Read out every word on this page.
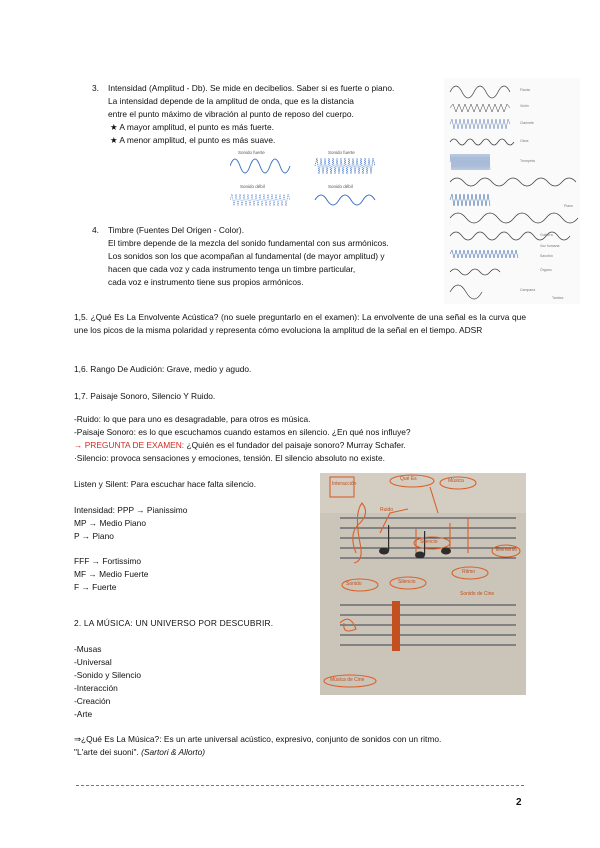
3. Intensidad (Amplitud - Db). Se mide en decibelios. Saber si es fuerte o piano.
La intensidad depende de la amplitud de onda, que es la distancia
entre el punto máximo de vibración al punto de reposo del cuerpo.
★ A mayor amplitud, el punto es más fuerte.
★ A menor amplitud, el punto es más suave.
Sonido fuerte	Sonido fuerte
Sonido débil	Sonido débil
Flauta
Violín
Clarinete
Oboe
Trompeta
Piano
Guitarra
Voz humana
Saxofón
Órgano
Campana
Tambor
4. Timbre (Fuentes Del Origen - Color).
El timbre depende de la mezcla del sonido fundamental con sus armónicos.
Los sonidos son los que acompañan al fundamental (de mayor amplitud) y
hacen que cada voz y cada instrumento tenga un timbre particular,
cada voz e instrumento tiene sus propios armónicos.
1,5. ¿Qué Es La Envolvente Acústica? (no suele preguntarlo en el examen): La envolvente de una señal es la curva que une los picos de la misma polaridad y representa cómo evoluciona la amplitud de la señal en el tiempo. ADSR
1,6. Rango De Audición: Grave, medio y agudo.
1,7. Paisaje Sonoro, Silencio Y Ruido.
-Ruido: lo que para uno es desagradable, para otros es música.
-Paisaje Sonoro: es lo que escuchamos cuando estamos en silencio. ¿En qué nos influye?
→ PREGUNTA DE EXAMEN: ¿Quién es el fundador del paisaje sonoro? Murray Schafer.
·Silencio: provoca sensaciones y emociones, tensión. El silencio absoluto no existe.
Listen y Silent: Para escuchar hace falta silencio.
Intensidad: PPP → Pianissimo
MP → Medio Piano
P → Piano
FFF → Fortissimo
MF → Medio Fuerte
F → Fuerte
2. LA MÚSICA: UN UNIVERSO POR DESCUBRIR.
-Musas
-Universal
-Sonido y Silencio
-Interacción
-Creación
-Arte
⇒¿Qué Es La Música?: Es un arte universal acústico, expresivo, conjunto de sonidos con un ritmo.
"L'arte dei suoni". (Sartori & Allorto)
Qué Es	Música
Sonido
Silencio
Elemento
Ritmo
Música de Cine
Silencio
Interacción
Sonido de Cine
Ruido
2
